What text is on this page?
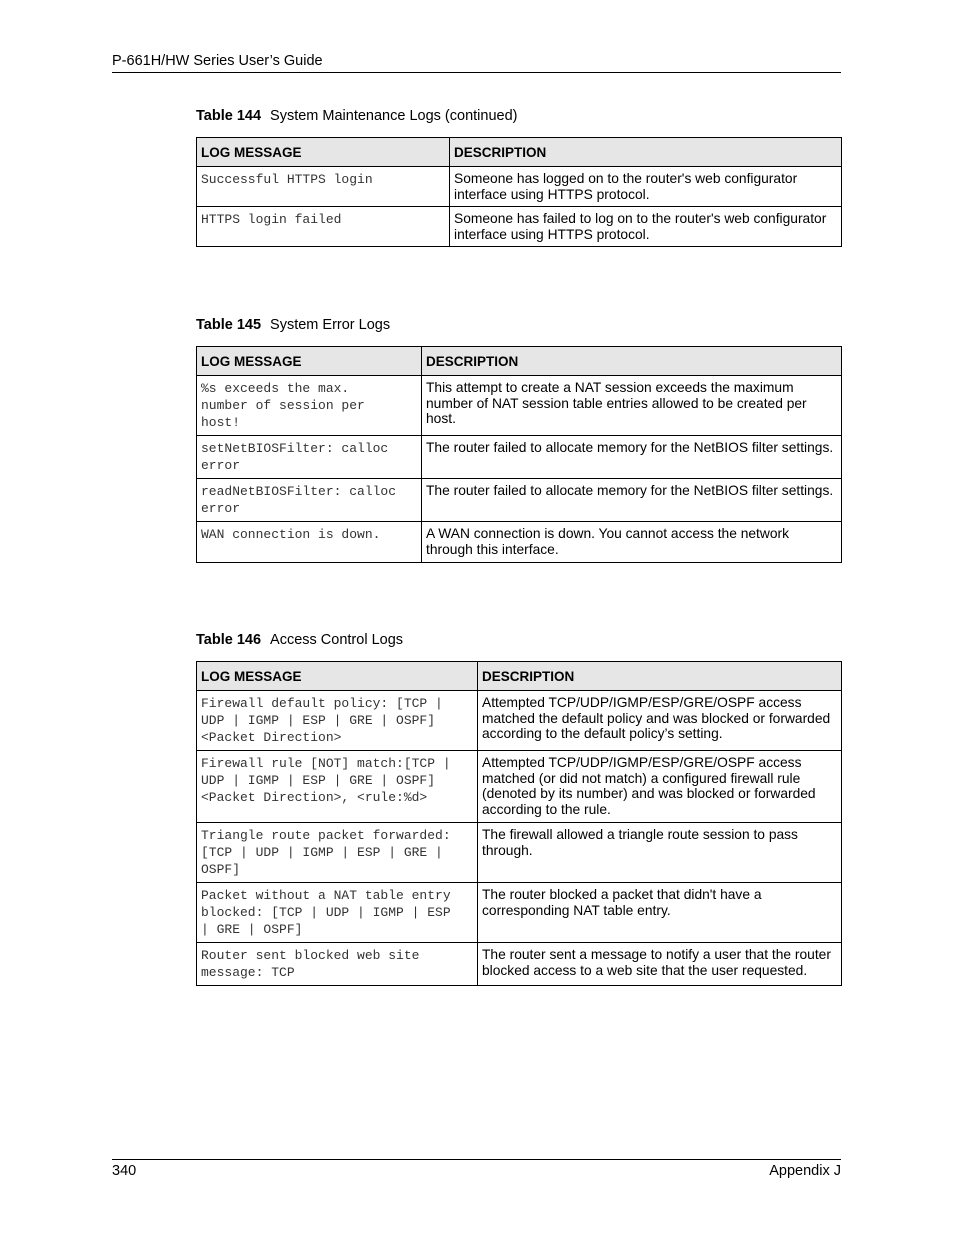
P-661H/HW Series User’s Guide
Table 144 System Maintenance Logs (continued)
LOG MESSAGE	DESCRIPTION
Successful HTTPS login	Someone has logged on to the router's web configurator interface using HTTPS protocol.
HTTPS login failed	Someone has failed to log on to the router's web configurator interface using HTTPS protocol.
Table 145 System Error Logs
LOG MESSAGE	DESCRIPTION
%s exceeds the max.
number of session per
host!	This attempt to create a NAT session exceeds the maximum number of NAT session table entries allowed to be created per host.
setNetBIOSFilter: calloc
error	The router failed to allocate memory for the NetBIOS filter settings.
readNetBIOSFilter: calloc
error	The router failed to allocate memory for the NetBIOS filter settings.
WAN connection is down.	A WAN connection is down. You cannot access the network through this interface.
Table 146 Access Control Logs
LOG MESSAGE	DESCRIPTION
Firewall default policy: [TCP |
UDP | IGMP | ESP | GRE | OSPF]
<Packet Direction>	Attempted TCP/UDP/IGMP/ESP/GRE/OSPF access matched the default policy and was blocked or forwarded according to the default policy’s setting.
Firewall rule [NOT] match:[TCP |
UDP | IGMP | ESP | GRE | OSPF]
<Packet Direction>, <rule:%d>	Attempted TCP/UDP/IGMP/ESP/GRE/OSPF access matched (or did not match) a configured firewall rule (denoted by its number) and was blocked or forwarded according to the rule.
Triangle route packet forwarded:
[TCP | UDP | IGMP | ESP | GRE |
OSPF]	The firewall allowed a triangle route session to pass through.
Packet without a NAT table entry
blocked: [TCP | UDP | IGMP | ESP
| GRE | OSPF]	The router blocked a packet that didn't have a corresponding NAT table entry.
Router sent blocked web site
message: TCP	The router sent a message to notify a user that the router blocked access to a web site that the user requested.
340	Appendix J
